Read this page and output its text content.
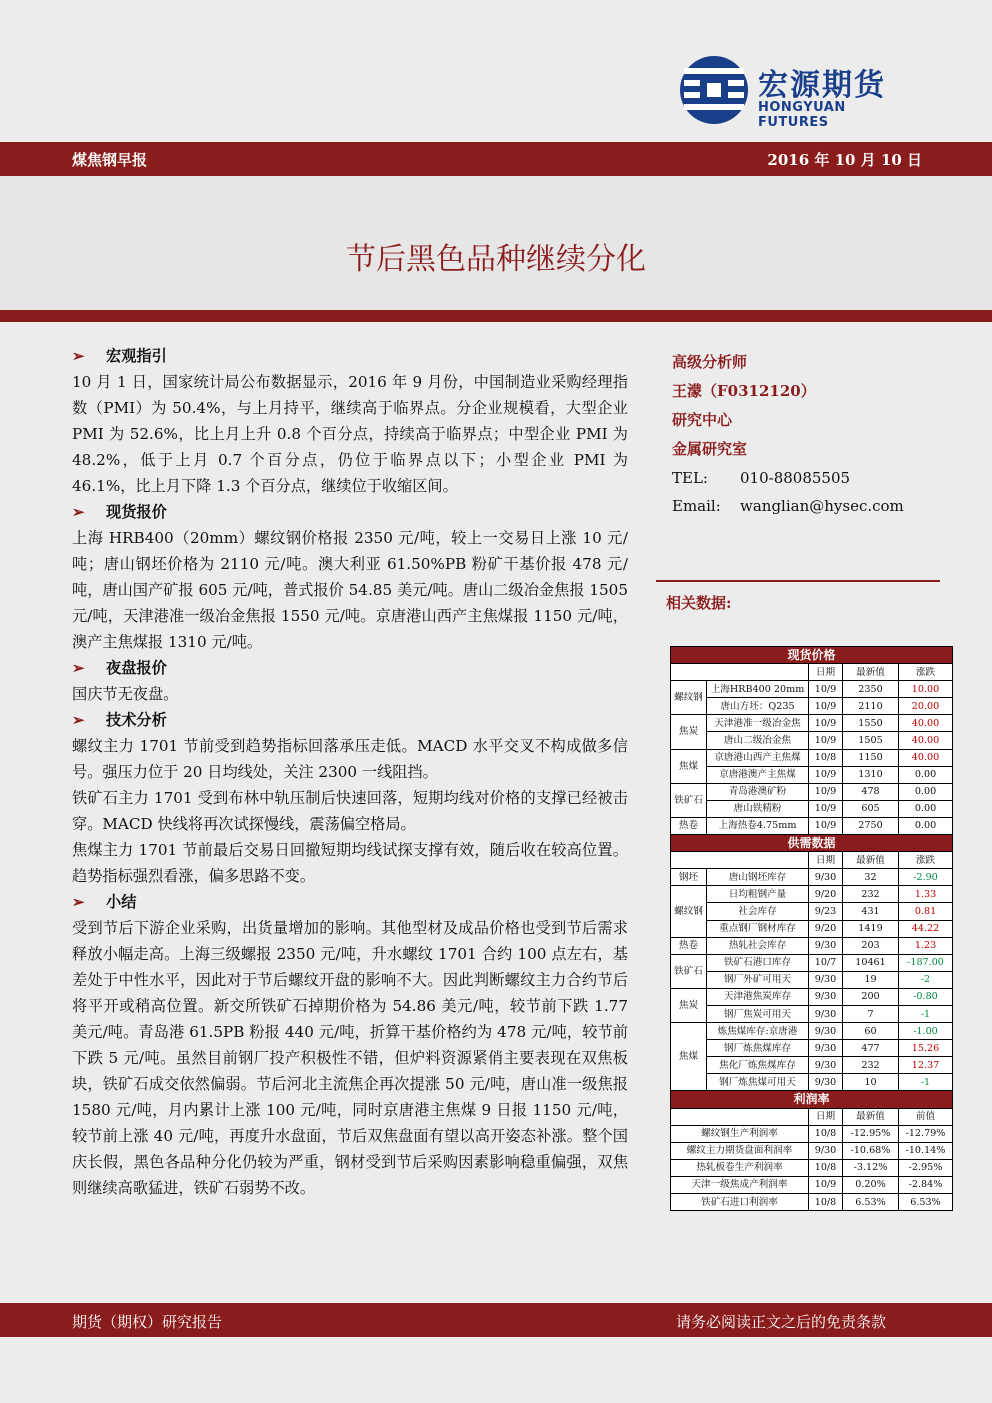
宏源期货
HONGYUAN FUTURES
煤焦钢早报	2016 年 10 月 10 日
节后黑色品种继续分化
➢ 宏观指引

10 月 1 日，国家统计局公布数据显示，2016 年 9 月份，中国制造业采购经理指数（PMI）为 50.4%，与上月持平，继续高于临界点。分企业规模看，大型企业 PMI 为 52.6%，比上月上升 0.8 个百分点，持续高于临界点；中型企业 PMI 为 48.2%，低于上月 0.7 个百分点，仍位于临界点以下；小型企业 PMI 为 46.1%，比上月下降 1.3 个百分点，继续位于收缩区间。

➢ 现货报价

上海 HRB400（20mm）螺纹钢价格报 2350 元/吨，较上一交易日上涨 10 元/吨；唐山钢坯价格为 2110 元/吨。澳大利亚 61.50%PB 粉矿干基价报 478 元/吨，唐山国产矿报 605 元/吨，普式报价 54.85 美元/吨。唐山二级冶金焦报 1505 元/吨，天津港准一级冶金焦报 1550 元/吨。京唐港山西产主焦煤报 1150 元/吨，澳产主焦煤报 1310 元/吨。

➢ 夜盘报价

国庆节无夜盘。

➢ 技术分析

螺纹主力 1701 节前受到趋势指标回落承压走低。MACD 水平交叉不构成做多信号。强压力位于 20 日均线处，关注 2300 一线阻挡。

铁矿石主力 1701 受到布林中轨压制后快速回落，短期均线对价格的支撑已经被击穿。MACD 快线将再次试探慢线，震荡偏空格局。

焦煤主力 1701 节前最后交易日回撤短期均线试探支撑有效，随后收在较高位置。趋势指标强烈看涨，偏多思路不变。

➢ 小结

受到节后下游企业采购，出货量增加的影响。其他型材及成品价格也受到节后需求释放小幅走高。上海三级螺报 2350 元/吨，升水螺纹 1701 合约 100 点左右，基差处于中性水平，因此对于节后螺纹开盘的影响不大。因此判断螺纹主力合约节后将平开或稍高位置。新交所铁矿石掉期价格为 54.86 美元/吨，较节前下跌 1.77 美元/吨。青岛港 61.5PB 粉报 440 元/吨，折算干基价格约为 478 元/吨，较节前下跌 5 元/吨。虽然目前钢厂投产积极性不错，但炉料资源紧俏主要表现在双焦板块，铁矿石成交依然偏弱。节后河北主流焦企再次提涨 50 元/吨，唐山准一级焦报 1580 元/吨，月内累计上涨 100 元/吨，同时京唐港主焦煤 9 日报 1150 元/吨，较节前上涨 40 元/吨，再度升水盘面，节后双焦盘面有望以高开姿态补涨。整个国庆长假，黑色各品种分化仍较为严重，钢材受到节后采购因素影响稳重偏强，双焦则继续高歌猛进，铁矿石弱势不改。

高级分析师
王濛（F0312120）
研究中心
金属研究室
TEL: 010-88085505
Email: wanglian@hysec.com
相关数据:
现货价格				
		日期	最新值	涨跌
螺纹钢	上海HRB400 20mm	10/9	2350	10.00
	唐山方坯：Q235	10/9	2110	20.00
焦炭	天津港准一级冶金焦	10/9	1550	40.00
	唐山二级冶金焦	10/9	1505	40.00
焦煤	京唐港山西产主焦煤	10/8	1150	40.00
	京唐港澳产主焦煤	10/9	1310	0.00
铁矿石	青岛港澳矿粉	10/9	478	0.00
	唐山铁精粉	10/9	605	0.00
热卷	上海热卷4.75mm	10/9	2750	0.00
供需数据				
		日期	最新值	涨跌
钢坯	唐山钢坯库存	9/30	32	-2.90
螺纹钢	日均粗钢产量	9/20	232	1.33
	社会库存	9/23	431	0.81
	重点钢厂钢材库存	9/20	1419	44.22
热卷	热轧社会库存	9/30	203	1.23
铁矿石	铁矿石港口库存	10/7	10461	-187.00
	钢厂外矿可用天	9/30	19	-2
焦炭	天津港焦炭库存	9/30	200	-0.80
	钢厂焦炭可用天	9/30	7	-1
焦煤	炼焦煤库存:京唐港	9/30	60	-1.00
	钢厂炼焦煤库存	9/30	477	15.26
	焦化厂炼焦煤库存	9/30	232	12.37
	钢厂炼焦煤可用天	9/30	10	-1
利润率				
		日期	最新值	前值
螺纹钢生产利润率		10/8	-12.95%	-12.79%
螺纹主力期货盘面利润率		9/30	-10.68%	-10.14%
热轧板卷生产利润率		10/8	-3.12%	-2.95%
天津一级焦成产利润率		10/9	0.20%	-2.84%
铁矿石进口利润率		10/8	6.53%	6.53%
期货（期权）研究报告	请务必阅读正文之后的免责条款
